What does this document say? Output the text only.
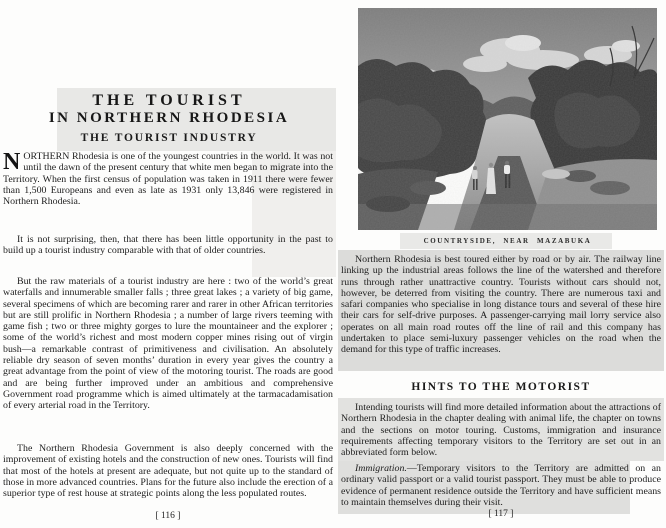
THE TOURIST
IN NORTHERN RHODESIA
THE TOURIST INDUSTRY

NORTHERN Rhodesia is one of the youngest countries in the world. It was not until the dawn of the present century that white men began to migrate into the Territory. When the first census of population was taken in 1911 there were fewer than 1,500 Europeans and even as late as 1931 only 13,846 were registered in Northern Rhodesia.

It is not surprising, then, that there has been little opportunity in the past to build up a tourist industry comparable with that of older countries.

But the raw materials of a tourist industry are here : two of the world’s great waterfalls and innumerable smaller falls ; three great lakes ; a variety of big game, several specimens of which are becoming rarer and rarer in other African territories but are still prolific in Northern Rhodesia ; a number of large rivers teeming with game fish ; two or three mighty gorges to lure the mountaineer and the explorer ; some of the world’s richest and most modern copper mines rising out of virgin bush—a remarkable contrast of primitiveness and civilisation. An absolutely reliable dry season of seven months’ duration in every year gives the country a great advantage from the point of view of the motoring tourist. The roads are good and are being further improved under an ambitious and comprehensive Government road programme which is aimed ultimately at the tarmacadamisation of every arterial road in the Territory.

The Northern Rhodesia Government is also deeply concerned with the improvement of existing hotels and the construction of new ones. Tourists will find that most of the hotels at present are adequate, but not quite up to the standard of those in more advanced countries. Plans for the future also include the erection of a superior type of rest house at strategic points along the less populated routes.

[ 116 ]
COUNTRYSIDE, NEAR MAZABUKA

Northern Rhodesia is best toured either by road or by air. The railway line linking up the industrial areas follows the line of the watershed and therefore runs through rather unattractive country. Tourists without cars should not, however, be deterred from visiting the country. There are numerous taxi and safari companies who specialise in long distance tours and several of these hire their cars for self-drive purposes. A passenger-carrying mail lorry service also operates on all main road routes off the line of rail and this company has undertaken to place semi-luxury passenger vehicles on the road when the demand for this type of traffic increases.

HINTS TO THE MOTORIST

Intending tourists will find more detailed information about the attractions of Northern Rhodesia in the chapter dealing with animal life, the chapter on towns and the sections on motor touring. Customs, immigration and insurance requirements affecting temporary visitors to the Territory are set out in an abbreviated form below.

Immigration.—Temporary visitors to the Territory are admitted on an ordinary valid passport or a valid tourist passport. They must be able to produce evidence of permanent residence outside the Territory and have sufficient means to maintain themselves during their visit.

[ 117 ]
